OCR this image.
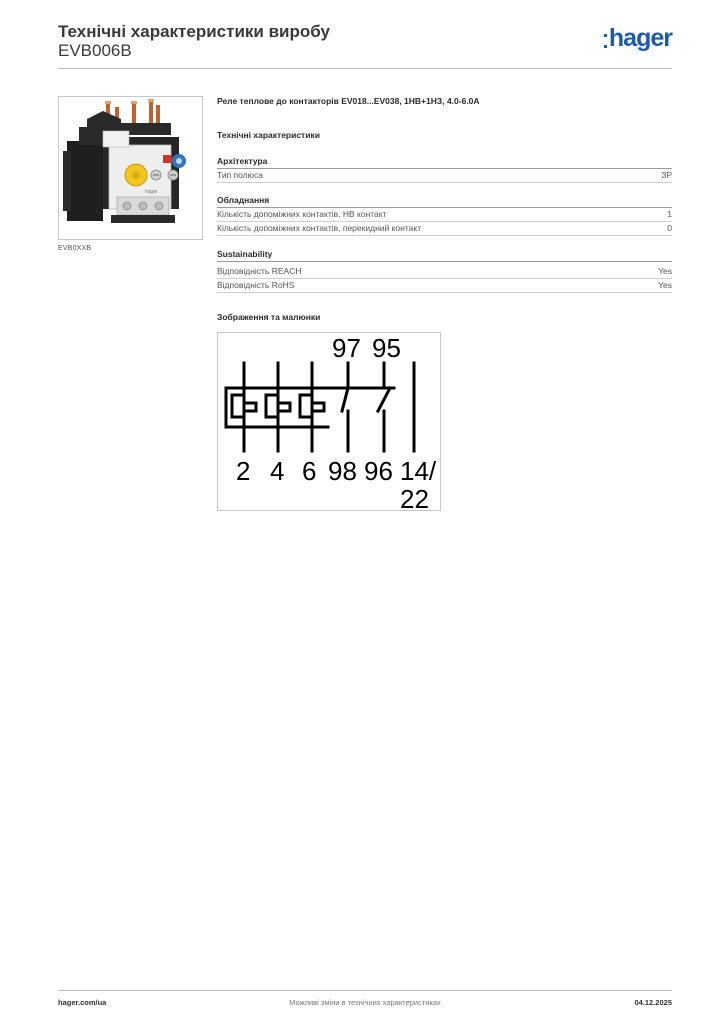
Технічні характеристики виробу
EVB006B	hager
hager
EVB0XXB

Реле теплове до контакторів EV018...EV038, 1НВ+1НЗ, 4.0-6.0A

Технічні характеристики
Архітектура
Тип полюса	3P
Обладнання
Кількість допоміжних контактів, НВ контакт	1
Кількість допоміжних контактів, перекидний контакт	0
Sustainability
Відповідність REACH	Yes
Відповідність RoHS	Yes
Зображення та малюнки
97 95
2 4 6 98 96 14/
22
hager.com/ua	Можливі зміни в технічних характеристиках	04.12.2025
